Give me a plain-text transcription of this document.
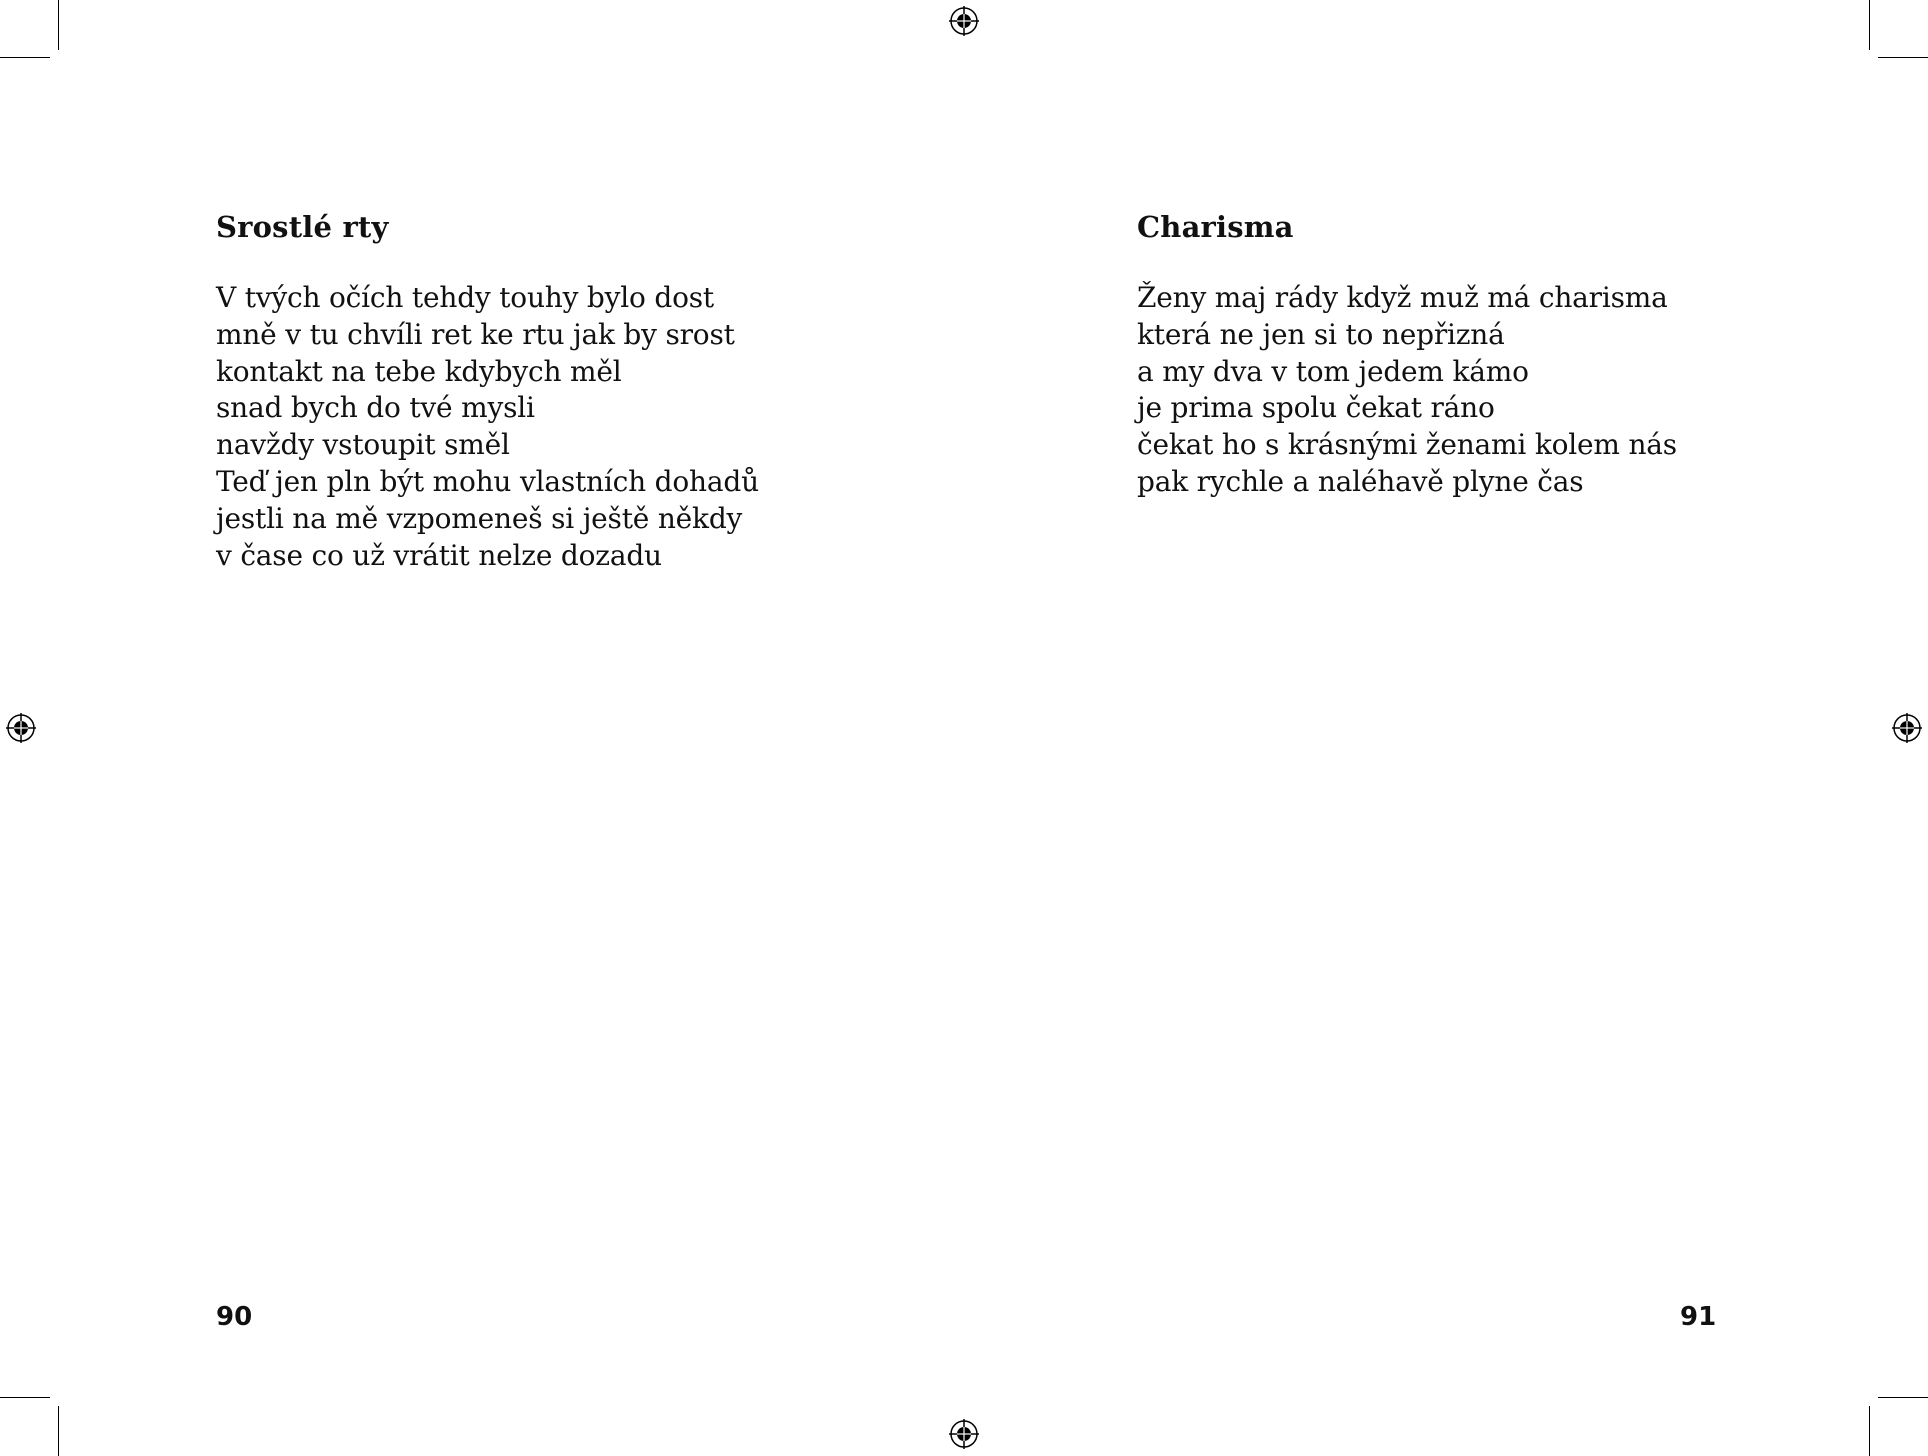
Srostlé rty
V tvých očích tehdy touhy bylo dost
mně v tu chvíli ret ke rtu jak by srost
kontakt na tebe kdybych měl
snad bych do tvé mysli
navždy vstoupit směl
Teď jen pln být mohu vlastních dohadů
jestli na mě vzpomeneš si ještě někdy
v čase co už vrátit nelze dozadu
90
Charisma
Ženy maj rády když muž má charisma
která ne jen si to nepřizná
a my dva v tom jedem kámo
je prima spolu čekat ráno
čekat ho s krásnými ženami kolem nás
pak rychle a naléhavě plyne čas
91
